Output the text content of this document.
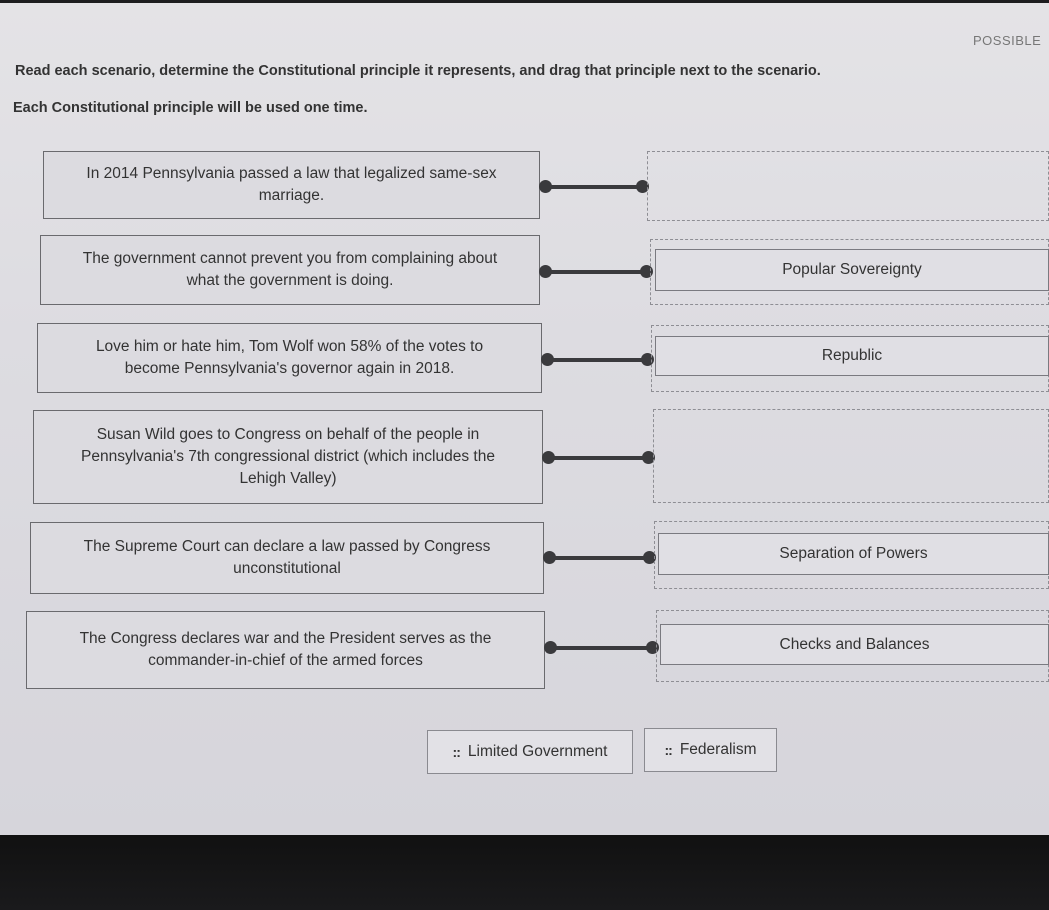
POSSIBLE
Read each scenario, determine the Constitutional principle it represents, and drag that principle next to the scenario.
Each Constitutional principle will be used one time.
In 2014 Pennsylvania passed a law that legalized same-sex
marriage.
The government cannot prevent you from complaining about
what the government is doing.
Popular Sovereignty
Love him or hate him, Tom Wolf won 58% of the votes to
become Pennsylvania's governor again in 2018.
Republic
Susan Wild goes to Congress on behalf of the people in
Pennsylvania's 7th congressional district (which includes the
Lehigh Valley)
The Supreme Court can declare a law passed by Congress
unconstitutional
Separation of Powers
The Congress declares war and the President serves as the
commander-in-chief of the armed forces
Checks and Balances
:: Limited Government	:: Federalism
